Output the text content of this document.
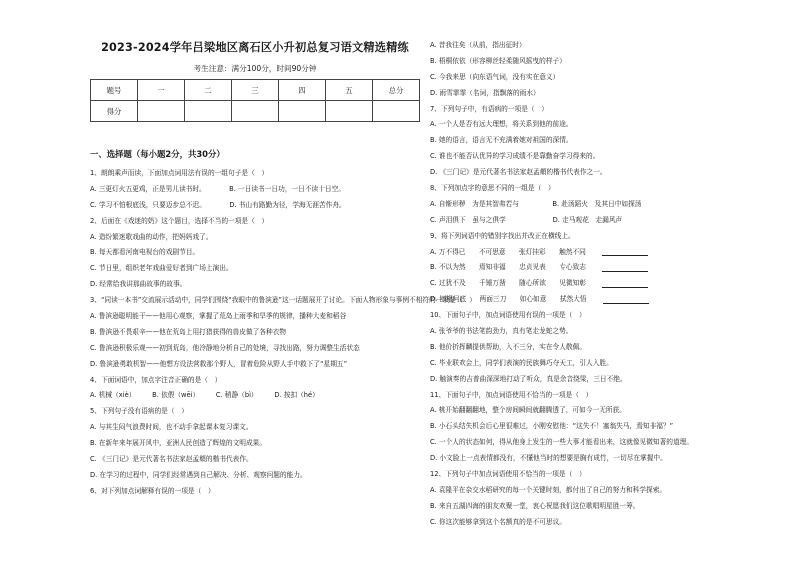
2023-2024学年吕梁地区离石区小升初总复习语文精选精练
考生注意：满分100分，时间90分钟
题号	一	二	三	四	五	总分
得分						
一、选择题（每小题2分，共30分）
1、朗朗乘声而读，下面加点词用法有误的一组句子是（　）
A. 三更灯火五更鸡，正是男儿读书时。　　　　B. 一日读书一日功，一日不读十日空。
C. 学习不怕根底浅，只要迈步总不迟。　　　　D. 书山有路勤为径，学海无涯苦作舟。
2、后面在《戏迷的奶》这个题目，选择不当的一项是（　）
A. 造纷繁迷歌戏曲的动作，把妈妈戏了。
B. 每天都看河南电视台的戏剧节目。
C. 节日里，组织老年戏曲爱好者到广场上演出。
D. 经常给我讲那曲故事的故事。
3、“同读一本书”交流展示活动中，同学们围绕“我眼中的鲁滨逊”这一话题展开了讨论。下面人物形象与事例不相符的一项是（　）
A. 鲁滨逊聪明能干——他用心观察，掌握了荒岛上雨季和旱季的规律，播种大麦和稻谷
B. 鲁滨逊不畏艰辛——他在荒岛上用打猎获得的兽皮做了各种衣物
C. 鲁滨逊积极乐观——初到荒岛，他冷静地分析自己的处境，寻找出路，努力调整生活状态
D. 鲁滨逊勇敢机智——他想方设法营救那个野人，冒着危险从野人手中救下了“星期五”
4、下面词语中，加点字注音正确的是（　）
A. 机械（xiè）　　　B. 依偎（wēi）　　　C. 稍静（bì）　　　D. 按扣（hé）
5、下列句子没有语病的是（　）
A. 与其生闷气浪费时间，也不动手拿起课本复习课文。
B. 在新年来年展开风中，亚洲人民创造了辉煌的文明成果。
C. 《三门记》是元代著名书法家赵孟頫的楷书代表作。
D. 在学习的过程中，同学们经常遇到自己解决、分析、观察问题的能力。
6、对下列加点词解释有误的一项是（　）
A. 昔我往矣（从前，指出征时）
B. 梧桐依依（形容柳丝轻柔随风摇曳的样子）
C. 今我来思（向东语气词，没有实在意义）
D. 雨雪霏霏（名词，指飘落的雨水）
7、下列句子中，有语病的一项是（　）
A. 一个人是否有远大理想，将关系到他的前途。
B. 她的语言，语言无不充满着她对祖国的深情。
C. 谁也不能否认优异的学习成绩不是靠勤奋学习得来的。
D. 《三门记》是元代著名书法家赵孟頫的楷书代表作之一。
8、下列加点字的意思不同的一组是（　）
A. 自惭形秽　为是其智弗若与　　　　　B. 赴汤蹈火　及其日中如探汤
C. 声泪俱下　虽与之俱学　　　　　　　D. 走马观花　走漏风声
9、将下列词语中的错别字找出并改正在横线上。
A. 万不得已　　不可思意　　张灯挂彩　　触然不同
B. 不以为然　　焉知非福　　忠贞见表　　专心致志
C. 过犹不及　　千锤万凿　　随心所欲　　见微知彰
D. 刨根问底　　两面三刀　　如心如意　　拭然大悟
10、下面句子中，加点词语使用有误的一项是（　）
A. 张爷爷的书法笔韵劲力，真有笔走龙蛇之势。
B. 他价折挥麟提供帮助，入不三分，实在令人敬佩。
C. 毕业联欢会上，同学们表演的民族舞巧夺天工，引人入胜。
D. 触演奏的吉普曲深深地打动了听众，真是余音绕梁，三日不绝。
11、下面句子中，加点词语使用不恰当的一项是（　）
A. 桃开始翻翻翻地，整个房间瞬间就翻腾透了，可如今一无所获。
B. 小石头结失机会后心里很难过，小刚安慰他：“这失不！塞翁失马，焉知非福？”
C. 一个人的状态如何，得从他身上发生的一些大事才能看出来，这就像见微知著的道理。
D. 小文脸上一点表情都没有，不懂他当时的想要是胸有成竹，一切尽在掌握中。
12、下列句子中加点词语使用不恰当的一项是（　）
A. 袁隆平在杂交水稻研究的每一个关键时刻，都付出了自己的努力和科学探索。
B. 来自五湖四海的朋友欢聚一堂，衷心祝愿我们这位歌唱明星胜一筹。
C. 你这次能够拿到这个名额真的是不可思议。
